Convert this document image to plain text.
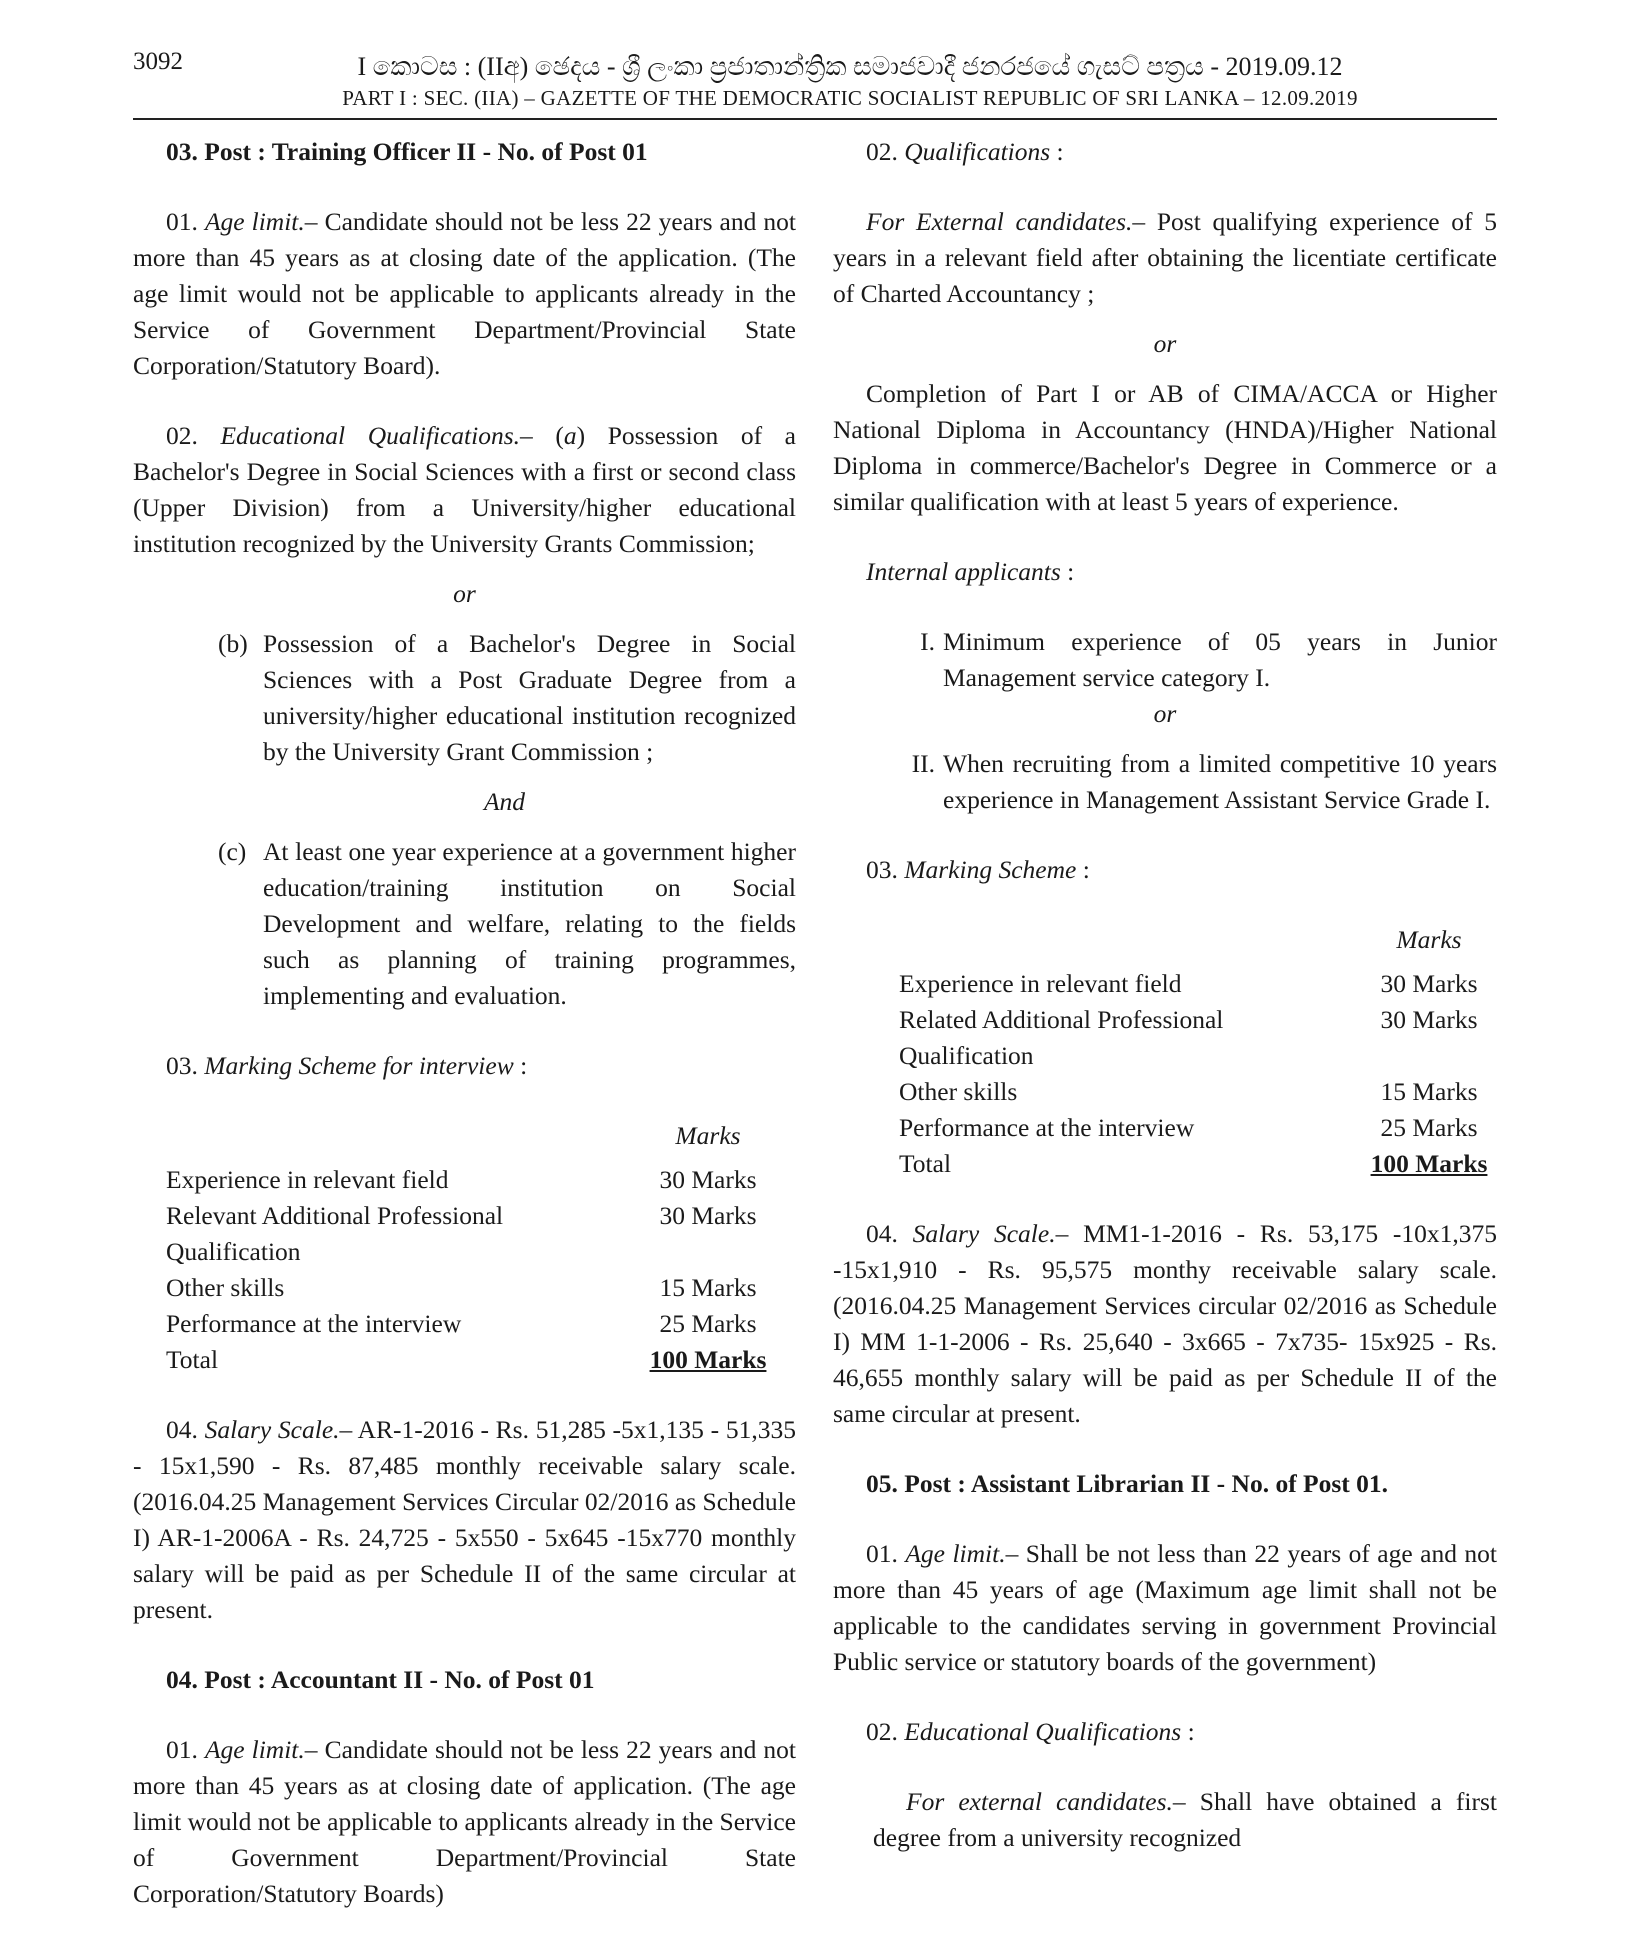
3092	I කොටස : (IIඅ) ඡෙදය - ශ්‍රී ලංකා ප්‍රජාතාන්ත්‍රික සමාජවාදී ජනරජයේ ගැසට් පත්‍රය - 2019.09.12
PART I : SEC. (IIA) – GAZETTE OF THE DEMOCRATIC SOCIALIST REPUBLIC OF SRI LANKA – 12.09.2019

03. Post : Training Officer II - No. of Post 01

01. Age limit.– Candidate should not be less 22 years and not more than 45 years as at closing date of the application. (The age limit would not be applicable to applicants already in the Service of Government Department/Provincial State Corporation/Statutory Board).

02. Educational Qualifications.– (a) Possession of a Bachelor's Degree in Social Sciences with a first or second class (Upper Division) from a University/higher educational institution recognized by the University Grants Commission;

or

(b) Possession of a Bachelor's Degree in Social Sciences with a Post Graduate Degree from a university/higher educational institution recognized by the University Grant Commission ;

And

(c) At least one year experience at a government higher education/training institution on Social Development and welfare, relating to the fields such as planning of training programmes, implementing and evaluation.

03. Marking Scheme for interview :

	Marks

Experience in relevant field	30 Marks
Relevant Additional Professional	30 Marks
Qualification	
Other skills	15 Marks
Performance at the interview	25 Marks
Total	100 Marks

04. Salary Scale.– AR-1-2016 - Rs. 51,285 -5x1,135 - 51,335 - 15x1,590 - Rs. 87,485 monthly receivable salary scale. (2016.04.25 Management Services Circular 02/2016 as Schedule I) AR-1-2006A - Rs. 24,725 - 5x550 - 5x645 -15x770 monthly salary will be paid as per Schedule II of the same circular at present.

04. Post : Accountant II - No. of Post 01

01. Age limit.– Candidate should not be less 22 years and not more than 45 years as at closing date of application. (The age limit would not be applicable to applicants already in the Service of Government Department/Provincial State Corporation/Statutory Boards)

02. Qualifications :

For External candidates.– Post qualifying experience of 5 years in a relevant field after obtaining the licentiate certificate of Charted Accountancy ;

or

Completion of Part I or AB of CIMA/ACCA or Higher National Diploma in Accountancy (HNDA)/Higher National Diploma in commerce/Bachelor's Degree in Commerce or a similar qualification with at least 5 years of experience.

Internal applicants :

I. Minimum experience of 05 years in Junior Management service category I.

or

II. When recruiting from a limited competitive 10 years experience in Management Assistant Service Grade I.

03. Marking Scheme :

	Marks

Experience in relevant field	30 Marks
Related Additional Professional	30 Marks
Qualification	
Other skills	15 Marks
Performance at the interview	25 Marks
Total	100 Marks

04. Salary Scale.– MM1-1-2016 - Rs. 53,175 -10x1,375 -15x1,910 - Rs. 95,575 monthy receivable salary scale. (2016.04.25 Management Services circular 02/2016 as Schedule I) MM 1-1-2006 - Rs. 25,640 - 3x665 - 7x735- 15x925 - Rs. 46,655 monthly salary will be paid as per Schedule II of the same circular at present.

05. Post : Assistant Librarian II - No. of Post 01.

01. Age limit.– Shall be not less than 22 years of age and not more than 45 years of age (Maximum age limit shall not be applicable to the candidates serving in government Provincial Public service or statutory boards of the government)

02. Educational Qualifications :

For external candidates.– Shall have obtained a first degree from a university recognized
